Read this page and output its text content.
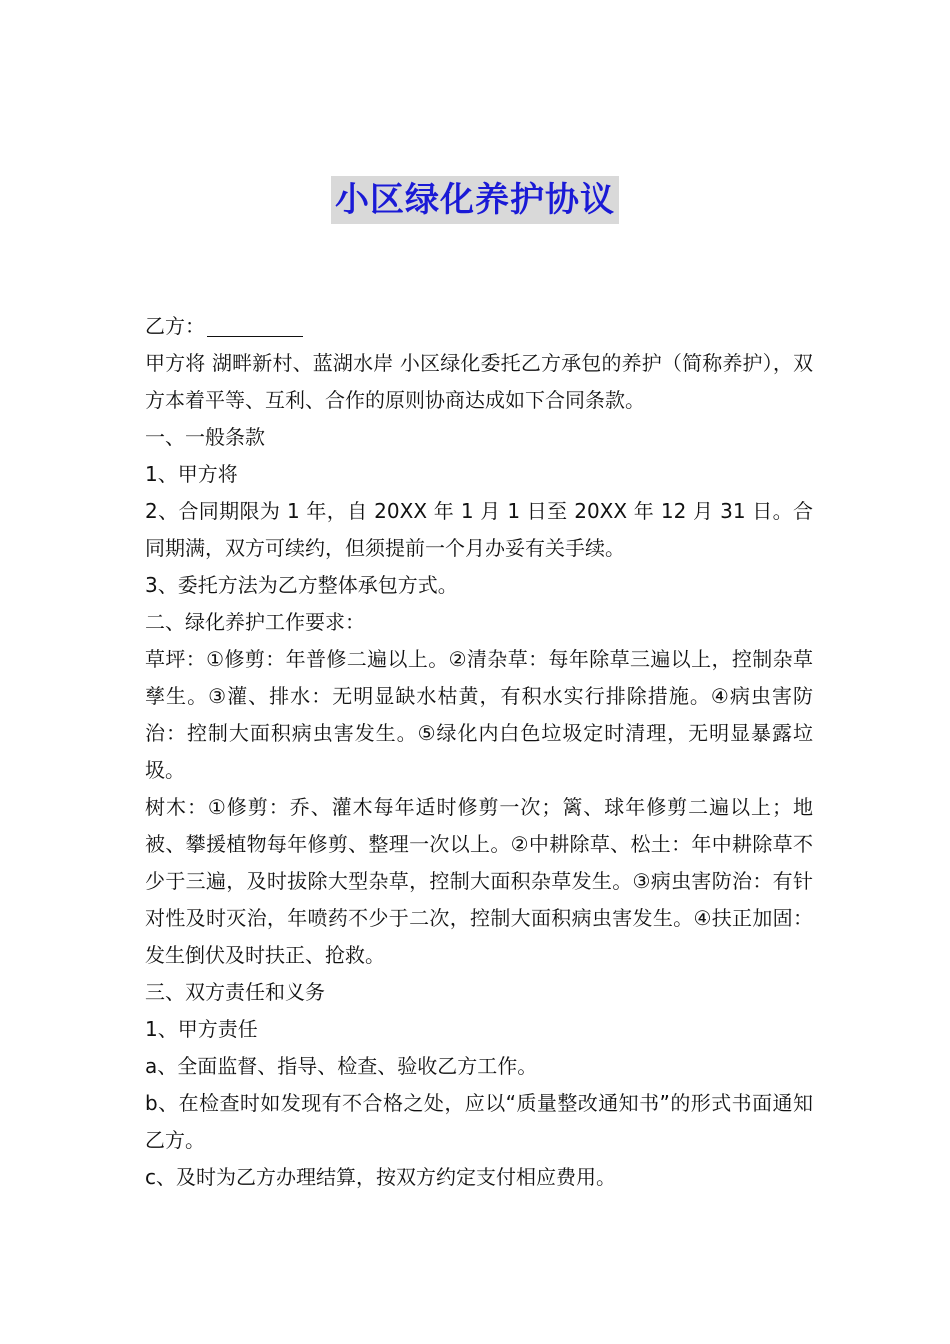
小区绿化养护协议

乙方：

甲方将 湖畔新村、蓝湖水岸 小区绿化委托乙方承包的养护（简称养护），双方本着平等、互利、合作的原则协商达成如下合同条款。

一、一般条款

1、甲方将

2、合同期限为 1 年，自 20XX 年 1 月 1 日至 20XX 年 12 月 31 日。合同期满，双方可续约，但须提前一个月办妥有关手续。

3、委托方法为乙方整体承包方式。

二、绿化养护工作要求：

草坪：①修剪：年普修二遍以上。②清杂草：每年除草三遍以上，控制杂草孳生。③灌、排水：无明显缺水枯黄，有积水实行排除措施。④病虫害防治：控制大面积病虫害发生。⑤绿化内白色垃圾定时清理，无明显暴露垃圾。

树木：①修剪：乔、灌木每年适时修剪一次；篱、球年修剪二遍以上；地被、攀援植物每年修剪、整理一次以上。②中耕除草、松土：年中耕除草不少于三遍，及时拔除大型杂草，控制大面积杂草发生。③病虫害防治：有针对性及时灭治，年喷药不少于二次，控制大面积病虫害发生。④扶正加固：发生倒伏及时扶正、抢救。

三、双方责任和义务

1、甲方责任

a、全面监督、指导、检查、验收乙方工作。

b、在检查时如发现有不合格之处，应以“质量整改通知书”的形式书面通知乙方。

c、及时为乙方办理结算，按双方约定支付相应费用。
